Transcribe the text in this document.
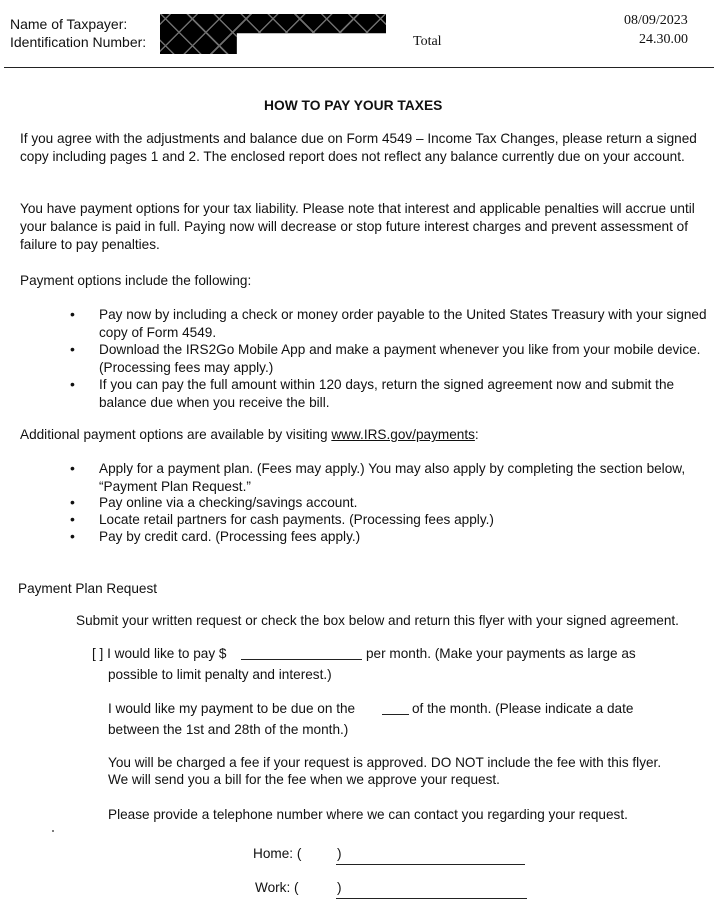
Name of Taxpayer:
Identification Number:	Total
08/09/2023
24.30.00
HOW TO PAY YOUR TAXES
If you agree with the adjustments and balance due on Form 4549 – Income Tax Changes, please return a signed copy including pages 1 and 2. The enclosed report does not reflect any balance currently due on your account.
You have payment options for your tax liability. Please note that interest and applicable penalties will accrue until your balance is paid in full. Paying now will decrease or stop future interest charges and prevent assessment of failure to pay penalties.
Payment options include the following:
• Pay now by including a check or money order payable to the United States Treasury with your signed copy of Form 4549.
• Download the IRS2Go Mobile App and make a payment whenever you like from your mobile device. (Processing fees may apply.)
• If you can pay the full amount within 120 days, return the signed agreement now and submit the balance due when you receive the bill.
Additional payment options are available by visiting www.IRS.gov/payments:
• Apply for a payment plan. (Fees may apply.) You may also apply by completing the section below, “Payment Plan Request.”
• Pay online via a checking/savings account.
• Locate retail partners for cash payments. (Processing fees apply.)
• Pay by credit card. (Processing fees apply.)
Payment Plan Request
Submit your written request or check the box below and return this flyer with your signed agreement.
[ ] I would like to pay $	per month. (Make your payments as large as
possible to limit penalty and interest.)
I would like my payment to be due on the	of the month. (Please indicate a date
between the 1st and 28th of the month.)
You will be charged a fee if your request is approved. DO NOT include the fee with this flyer.
We will send you a bill for the fee when we approve your request.
Please provide a telephone number where we can contact you regarding your request.
Home: (	)
Work: (	)
